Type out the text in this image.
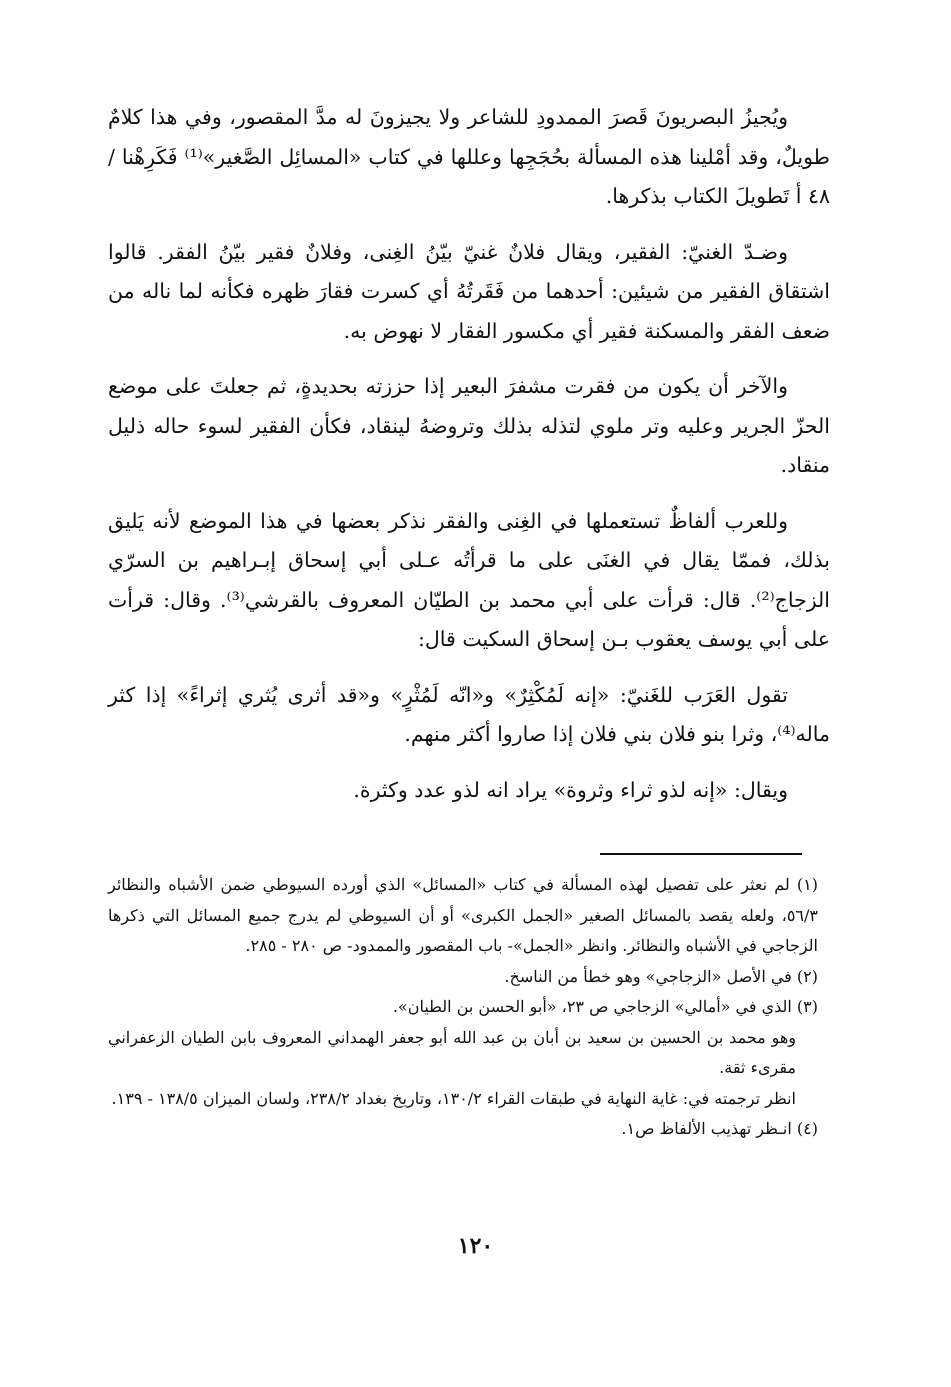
ويُجيزُ البصريونَ قَصرَ الممدودِ للشاعر ولا يجيزونَ له مدَّ المقصور، وفي هذا كلامٌ طويلٌ، وقد أمْلينا هذه المسألة بحُجَجِها وعللها في كتاب «المسائِل الصَّغير»⁽¹⁾ فَكَرِهْنا /٤٨ أ تَطويلَ الكتاب بذكرها.

وضـدّ الغنيّ: الفقير، ويقال فلانٌ غنيّ بيّنُ الغِنى، وفلانٌ فقير بيّنُ الفقر. قالوا اشتقاق الفقير من شيئين: أحدهما من فَقَرتُهُ أي كسرت فقارَ ظهره فكأنه لما ناله من ضعف الفقر والمسكنة فقير أي مكسور الفقار لا نهوض به.

والآخر أن يكون من فقرت مشفرَ البعير إذا حززته بحديدةٍ، ثم جعلتَ على موضع الحزّ الجرير وعليه وتر ملوي لتذله بذلك وتروضهُ لينقاد، فكأن الفقير لسوء حاله ذليل منقاد.

وللعرب ألفاظٌ تستعملها في الغِنى والفقر نذكر بعضها في هذا الموضع لأنه يَليق بذلك، فممّا يقال في الغنَى على ما قرأتُه عـلى أبي إسحاق إبـراهيم بن السرّي الزجاج⁽²⁾. قال: قرأت على أبي محمد بن الطيّان المعروف بالقرشي⁽³⁾. وقال: قرأت على أبي يوسف يعقوب بـن إسحاق السكيت قال:

تقول العَرَب للغَنيّ: «إنه لَمُكْثِرٌ» و«انّه لَمُثْرٍ» و«قد أثرى يُثري إثراءً» إذا كثر ماله⁽⁴⁾، وثرا بنو فلان بني فلان إذا صاروا أكثر منهم.

ويقال: «إنه لذو ثراء وثروة» يراد انه لذو عدد وكثرة.

(١) لم نعثر على تفصيل لهذه المسألة في كتاب «المسائل» الذي أورده السيوطي ضمن الأشباه والنظائر ٥٦/٣، ولعله يقصد بالمسائل الصغير «الجمل الكبرى» أو أن السيوطي لم يدرج جميع المسائل التي ذكرها الزجاجي في الأشباه والنظائر. وانظر «الجمل»- باب المقصور والممدود- ص ٢٨٠ - ٢٨٥.

(٢) في الأصل «الزجاجي» وهو خطأ من الناسخ.

(٣) الذي في «أمالي» الزجاجي ص ٢٣، «أبو الحسن بن الطيان».

وهو محمد بن الحسين بن سعيد بن أبان بن عبد الله أبو جعفر الهمداني المعروف بابن الطيان الزعفراني مقرىء ثقة.

انظر ترجمته في: غاية النهاية في طبقات القراء ١٣٠/٢، وتاريخ بغداد ٢٣٨/٢، ولسان الميزان ١٣٨/٥ - ١٣٩.

(٤) انـظر تهذيب الألفاظ ص١.

١٢٠
